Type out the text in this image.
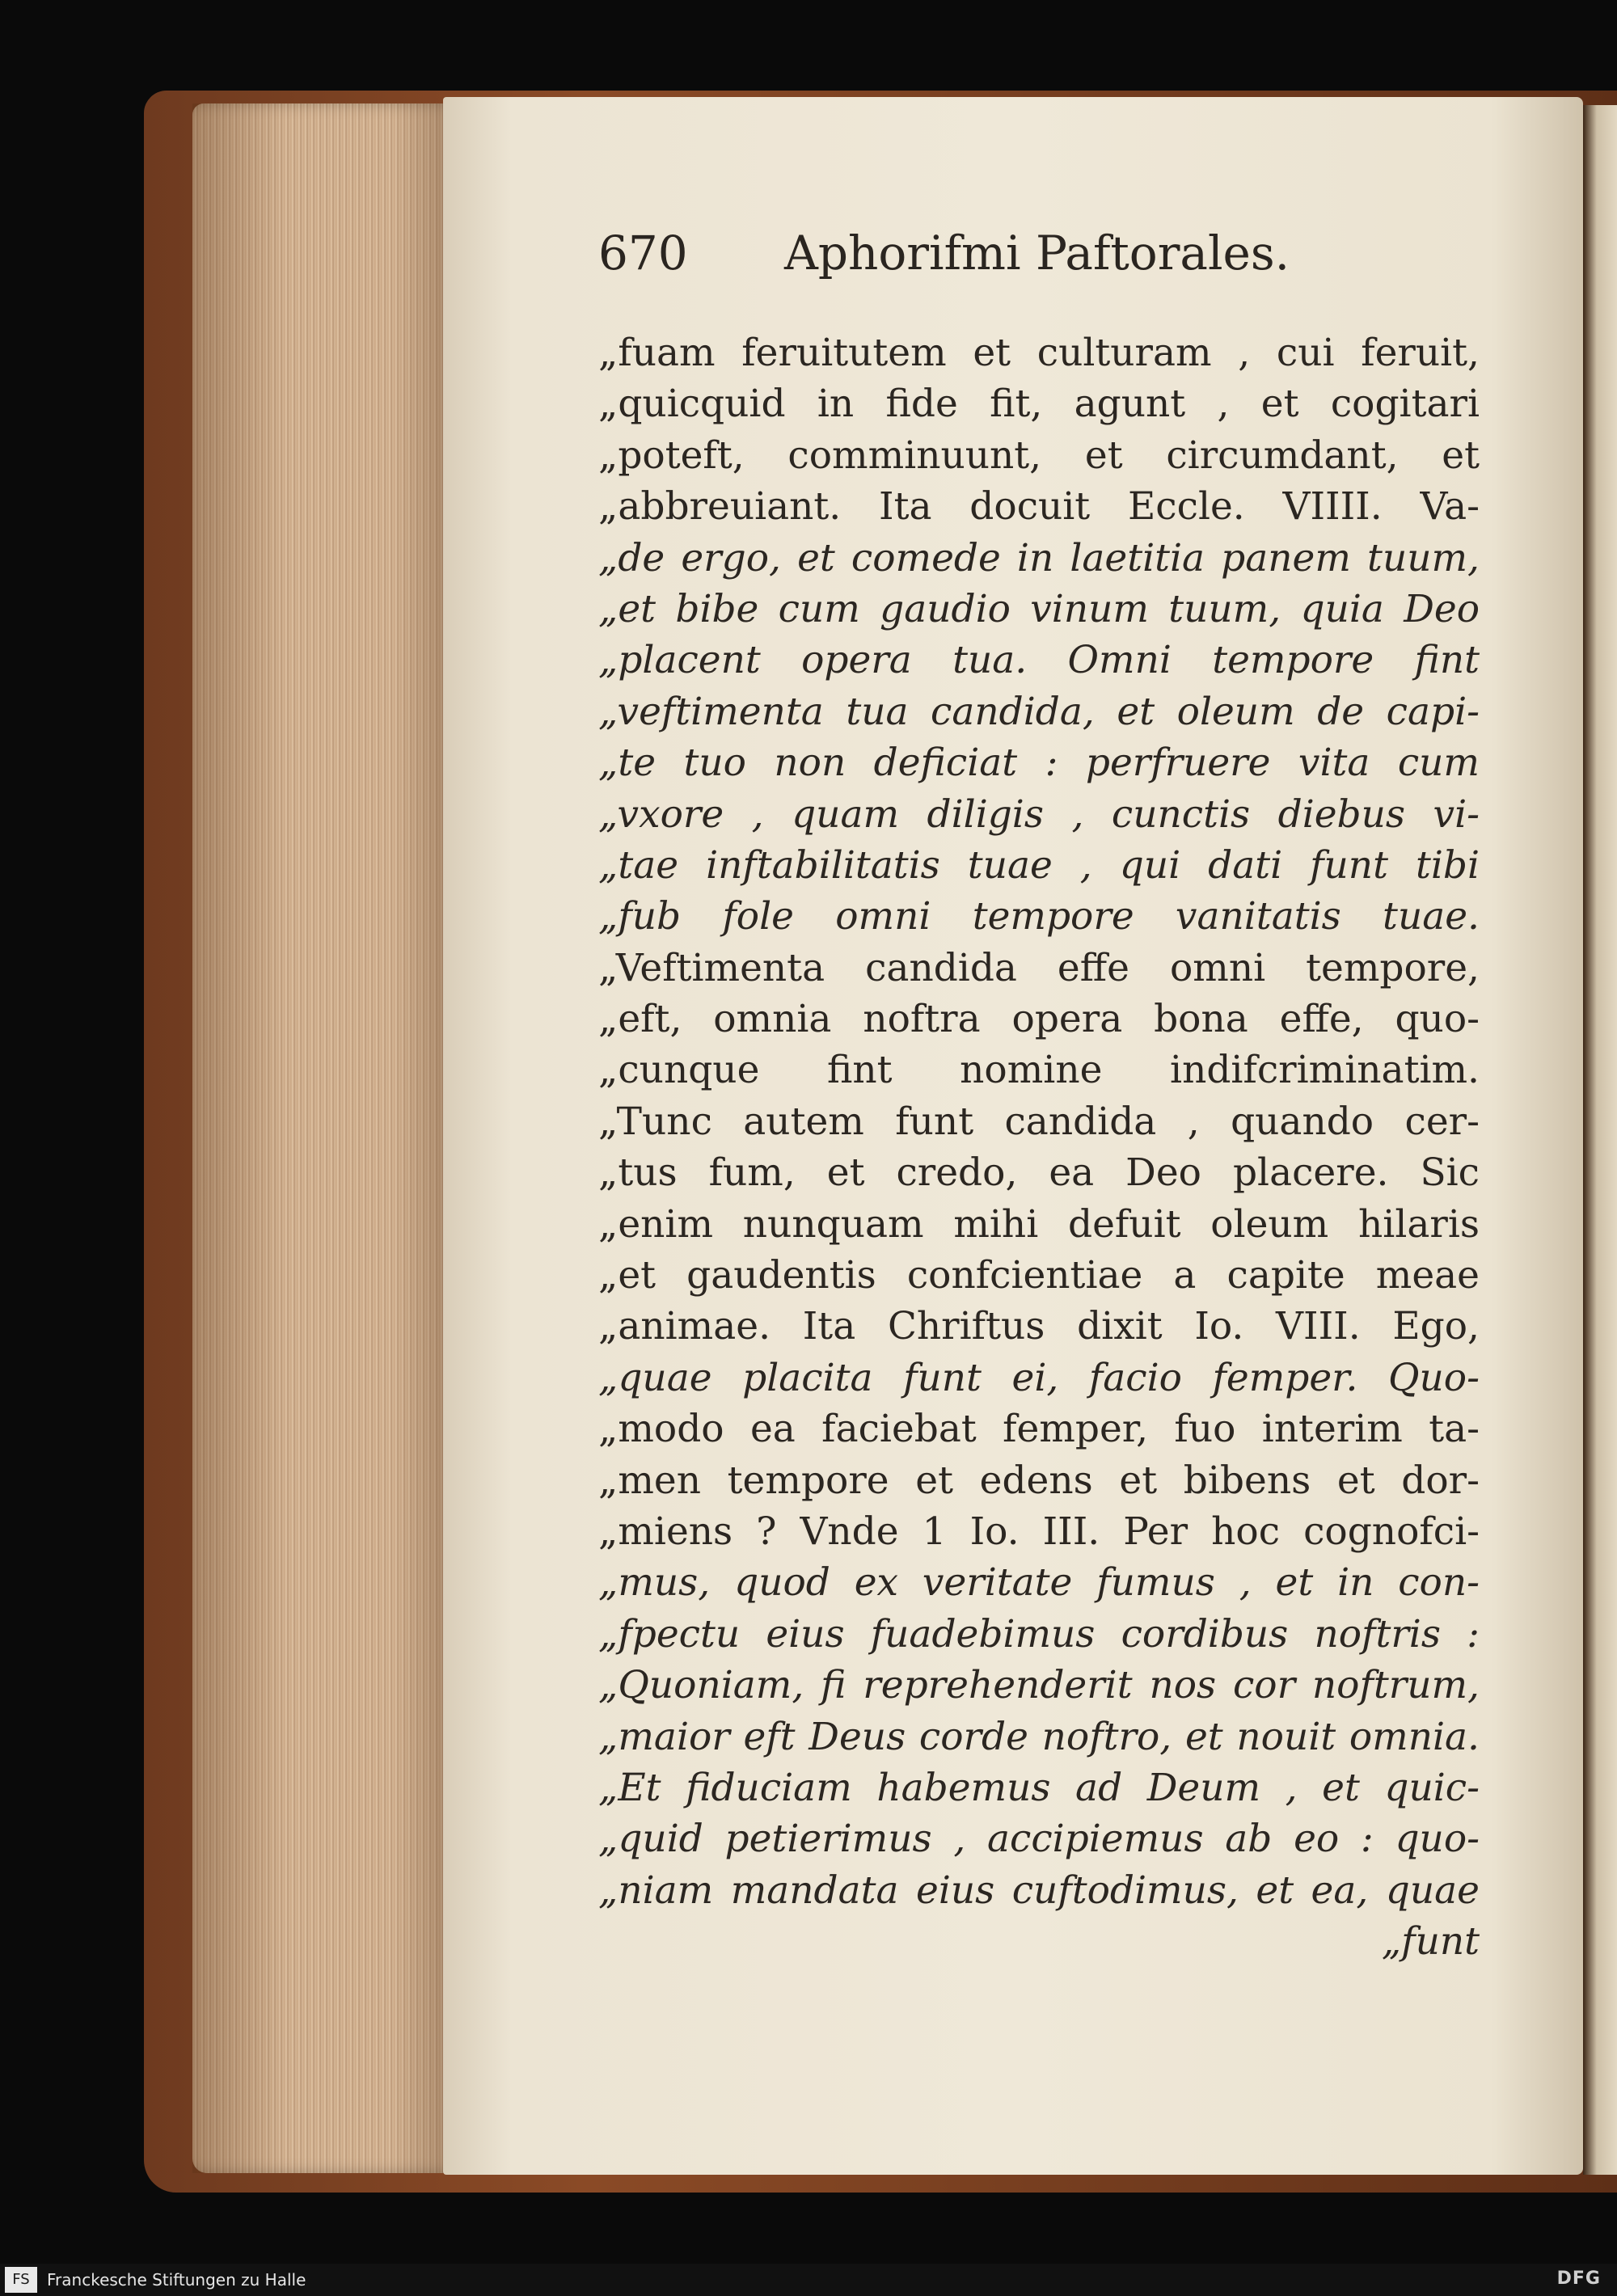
670 Aphorifmi Paftorales.
„fuam feruitutem et culturam , cui feruit,
„quicquid in fide fit, agunt , et cogitari
„poteft, comminuunt, et circumdant, et
„abbreuiant. Ita docuit Eccle. VIIII. Va-
„de ergo, et comede in laetitia panem tuum,
„et bibe cum gaudio vinum tuum, quia Deo
„placent opera tua. Omni tempore fint
„veftimenta tua candida, et oleum de capi-
„te tuo non deficiat : perfruere vita cum
„vxore , quam diligis , cunctis diebus vi-
„tae inftabilitatis tuae , qui dati funt tibi
„fub fole omni tempore vanitatis tuae.
„Veftimenta candida effe omni tempore,
„eft, omnia noftra opera bona effe, quo-
„cunque fint nomine indifcriminatim.
„Tunc autem funt candida , quando cer-
„tus fum, et credo, ea Deo placere. Sic
„enim nunquam mihi defuit oleum hilaris
„et gaudentis confcientiae a capite meae
„animae. Ita Chriftus dixit Io. VIII. Ego,
„quae placita funt ei, facio femper. Quo-
„modo ea faciebat femper, fuo interim ta-
„men tempore et edens et bibens et dor-
„miens ? Vnde 1 Io. III. Per hoc cognofci-
„mus, quod ex veritate fumus , et in con-
„fpectu eius fuadebimus cordibus noftris :
„Quoniam, fi reprehenderit nos cor noftrum,
„maior eft Deus corde noftro, et nouit omnia.
„Et fiduciam habemus ad Deum , et quic-
„quid petierimus , accipiemus ab eo : quo-
„niam mandata eius cuftodimus, et ea, quae
„funt
FS	Franckesche Stiftungen zu Halle	DFG
